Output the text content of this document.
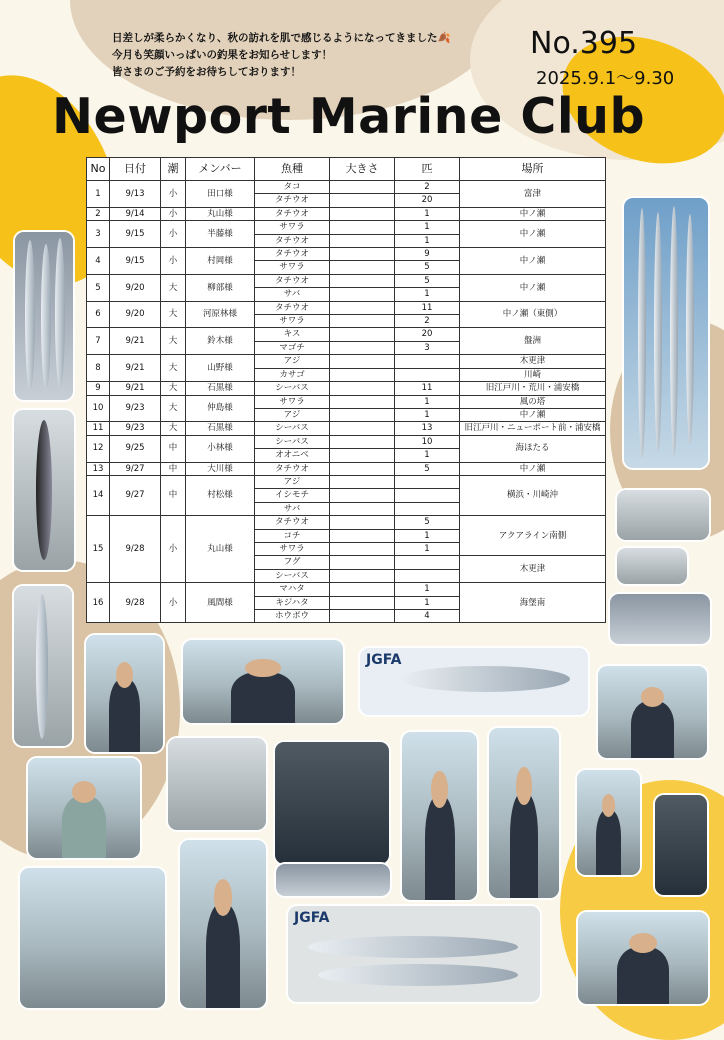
日差しが柔らかくなり、秋の訪れを肌で感じるようになってきました🍂
今月も笑顔いっぱいの釣果をお知らせします！
皆さまのご予約をお待ちしております！
No.395
2025.9.1～9.30
Newport Marine Club
No	日付	潮	メンバー	魚種	大きさ	匹	場所
1	9/13	小	田口様	タコ		2	富津
				タチウオ		20	
2	9/14	小	丸山様	タチウオ		1	中ノ瀬
3	9/15	小	半藤様	サワラ		1	中ノ瀬
				タチウオ		1	
4	9/15	小	村岡様	タチウオ		9	中ノ瀬
				サワラ		5	
5	9/20	大	柳部様	タチウオ		5	中ノ瀬
				サバ		1	
6	9/20	大	河原林様	タチウオ		11	中ノ瀬（東側）
				サワラ		2	
7	9/21	大	鈴木様	キス		20	盤洲
				マゴチ		3	
8	9/21	大	山野様	アジ			木更津
				カサゴ			川崎
9	9/21	大	石黒様	シーバス		11	旧江戸川・荒川・浦安橋
10	9/23	大	仲島様	サワラ		1	風の塔
				アジ		1	中ノ瀬
11	9/23	大	石黒様	シーバス		13	旧江戸川・ニューポート前・浦安橋
12	9/25	中	小林様	シーバス		10	海ほたる
				オオニベ		1	
13	9/27	中	大川様	タチウオ		5	中ノ瀬
14	9/27	中	村松様	アジ			横浜・川崎沖
				イシモチ			
				サバ			
15	9/28	小	丸山様	タチウオ		5	アクアライン南側
				コチ		1	
				サワラ		1	
				フグ			木更津
				シーバス			
16	9/28	小	風間様	マハタ		1	海堡南
				キジハタ		1	
				ホウボウ		4	
JGFA
JGFA
